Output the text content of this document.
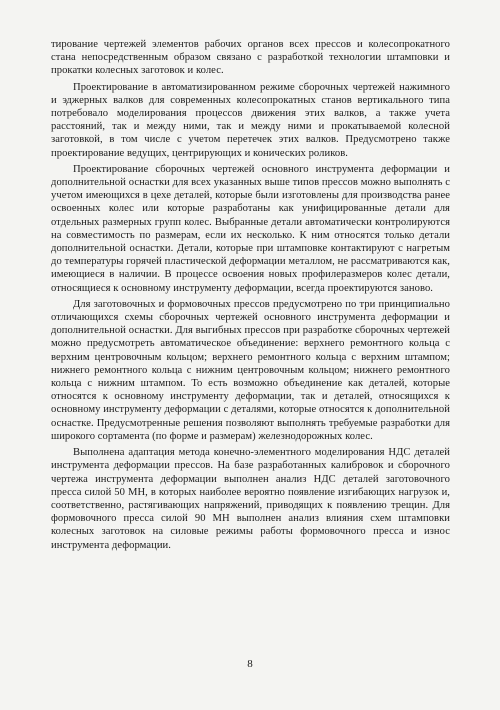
тирование чертежей элементов рабочих органов всех прессов и колесопрокатного стана непосредственным образом связано с разработкой технологии штамповки и прокатки колесных заготовок и колес.

Проектирование в автоматизированном режиме сборочных чертежей нажимного и эджерных валков для современных колесопрокатных станов вертикального типа потребовало моделирования процессов движения этих валков, а также учета расстояний, так и между ними, так и между ними и прокатываемой колесной заготовкой, в том числе с учетом перетечек этих валков. Предусмотрено также проектирование ведущих, центрирующих и конических роликов.

Проектирование сборочных чертежей основного инструмента деформации и дополнительной оснастки для всех указанных выше типов прессов можно выполнять с учетом имеющихся в цехе деталей, которые были изготовлены для производства ранее освоенных колес или которые разработаны как унифицированные детали для отдельных размерных групп колес. Выбранные детали автоматически контролируются на совместимость по размерам, если их несколько. К ним относятся только детали дополнительной оснастки. Детали, которые при штамповке контактируют с нагретым до температуры горячей пластической деформации металлом, не рассматриваются как, имеющиеся в наличии. В процессе освоения новых профилеразмеров колес детали, относящиеся к основному инструменту деформации, всегда проектируются заново.

Для заготовочных и формовочных прессов предусмотрено по три принципиально отличающихся схемы сборочных чертежей основного инструмента деформации и дополнительной оснастки. Для выгибных прессов при разработке сборочных чертежей можно предусмотреть автоматическое объединение: верхнего ремонтного кольца с верхним центровочным кольцом; верхнего ремонтного кольца с верхним штампом; нижнего ремонтного кольца с нижним центровочным кольцом; нижнего ремонтного кольца с нижним штампом. То есть возможно объединение как деталей, которые относятся к основному инструменту деформации, так и деталей, относящихся к основному инструменту деформации с деталями, которые относятся к дополнительной оснастке. Предусмотренные решения позволяют выполнять требуемые разработки для широкого сортамента (по форме и размерам) железнодорожных колес.

Выполнена адаптация метода конечно-элементного моделирования НДС деталей инструмента деформации прессов. На базе разработанных калибровок и сборочного чертежа инструмента деформации выполнен анализ НДС деталей заготовочного пресса силой 50 МН, в которых наиболее вероятно появление изгибающих нагрузок и, соответственно, растягивающих напряжений, приводящих к появлению трещин. Для формовочного пресса силой 90 МН выполнен анализ влияния схем штамповки колесных заготовок на силовые режимы работы формовочного пресса и износ инструмента деформации.

8
